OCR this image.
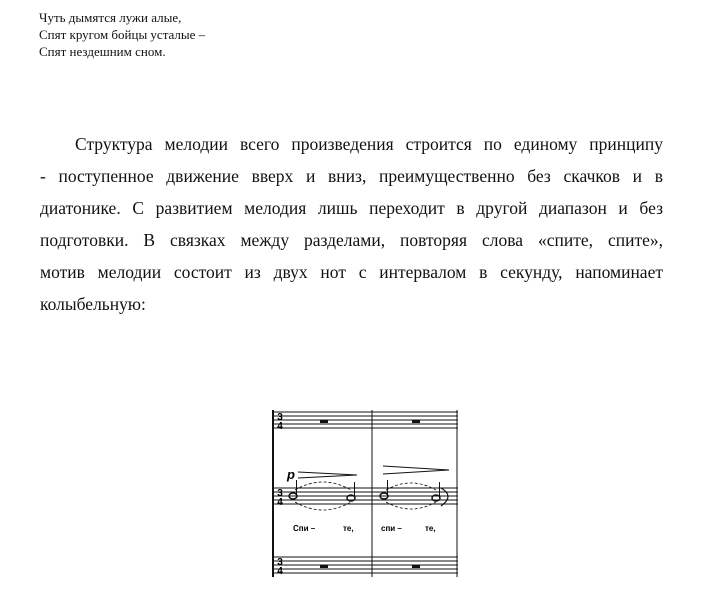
Чуть дымятся лужи алые,
Спят кругом бойцы усталые –
Спят нездешним сном.
Структура мелодии всего произведения строится по единому принципу
- поступенное движение вверх и вниз, преимущественно без скачков и в
диатонике. С развитием мелодия лишь переходит в другой диапазон и без
подготовки. В связках между разделами, повторяя слова «спите, спите»,
мотив мелодии состоит из двух нот с интервалом в секунду, напоминает
колыбельную:
3
4
3
4
3
4
p
Спи –	те,	спи –	те,
